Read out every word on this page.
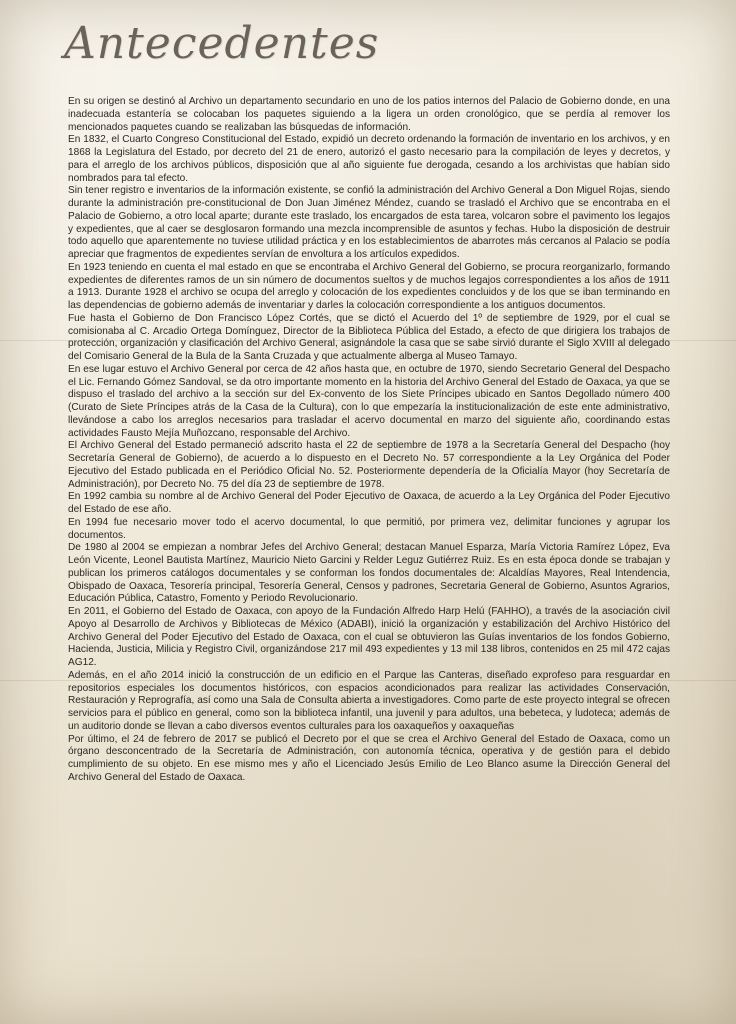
Antecedentes

En su origen se destinó al Archivo un departamento secundario en uno de los patios internos del Palacio de Gobierno donde, en una inadecuada estantería se colocaban los paquetes siguiendo a la ligera un orden cronológico, que se perdía al remover los mencionados paquetes cuando se realizaban las búsquedas de información.

En 1832, el Cuarto Congreso Constitucional del Estado, expidió un decreto ordenando la formación de inventario en los archivos, y en 1868 la Legislatura del Estado, por decreto del 21 de enero, autorizó el gasto necesario para la compilación de leyes y decretos, y para el arreglo de los archivos públicos, disposición que al año siguiente fue derogada, cesando a los archivistas que habían sido nombrados para tal efecto.

Sin tener registro e inventarios de la información existente, se confió la administración del Archivo General a Don Miguel Rojas, siendo durante la administración pre-constitucional de Don Juan Jiménez Méndez, cuando se trasladó el Archivo que se encontraba en el Palacio de Gobierno, a otro local aparte; durante este traslado, los encargados de esta tarea, volcaron sobre el pavimento los legajos y expedientes, que al caer se desglosaron formando una mezcla incomprensible de asuntos y fechas. Hubo la disposición de destruir todo aquello que aparentemente no tuviese utilidad práctica y en los establecimientos de abarrotes más cercanos al Palacio se podía apreciar que fragmentos de expedientes servían de envoltura a los artículos expedidos.

En 1923 teniendo en cuenta el mal estado en que se encontraba el Archivo General del Gobierno, se procura reorganizarlo, formando expedientes de diferentes ramos de un sin número de documentos sueltos y de muchos legajos correspondientes a los años de 1911 a 1913. Durante 1928 el archivo se ocupa del arreglo y colocación de los expedientes concluidos y de los que se iban terminando en las dependencias de gobierno además de inventariar y darles la colocación correspondiente a los antiguos documentos.

Fue hasta el Gobierno de Don Francisco López Cortés, que se dictó el Acuerdo del 1º de septiembre de 1929, por el cual se comisionaba al C. Arcadio Ortega Domínguez, Director de la Biblioteca Pública del Estado, a efecto de que dirigiera los trabajos de protección, organización y clasificación del Archivo General, asignándole la casa que se sabe sirvió durante el Siglo XVIII al delegado del Comisario General de la Bula de la Santa Cruzada y que actualmente alberga al Museo Tamayo.

En ese lugar estuvo el Archivo General por cerca de 42 años hasta que, en octubre de 1970, siendo Secretario General del Despacho el Lic. Fernando Gómez Sandoval, se da otro importante momento en la historia del Archivo General del Estado de Oaxaca, ya que se dispuso el traslado del archivo a la sección sur del Ex-convento de los Siete Príncipes ubicado en Santos Degollado número 400 (Curato de Siete Príncipes atrás de la Casa de la Cultura), con lo que empezaría la institucionalización de este ente administrativo, llevándose a cabo los arreglos necesarios para trasladar el acervo documental en marzo del siguiente año, coordinando estas actividades Fausto Mejía Muñozcano, responsable del Archivo.

El Archivo General del Estado permaneció adscrito hasta el 22 de septiembre de 1978 a la Secretaría General del Despacho (hoy Secretaría General de Gobierno), de acuerdo a lo dispuesto en el Decreto No. 57 correspondiente a la Ley Orgánica del Poder Ejecutivo del Estado publicada en el Periódico Oficial No. 52. Posteriormente dependería de la Oficialía Mayor (hoy Secretaría de Administración), por Decreto No. 75 del día 23 de septiembre de 1978.

En 1992 cambia su nombre al de Archivo General del Poder Ejecutivo de Oaxaca, de acuerdo a la Ley Orgánica del Poder Ejecutivo del Estado de ese año.

En 1994 fue necesario mover todo el acervo documental, lo que permitió, por primera vez, delimitar funciones y agrupar los documentos.

De 1980 al 2004 se empiezan a nombrar Jefes del Archivo General; destacan Manuel Esparza, María Victoria Ramírez López, Eva León Vicente, Leonel Bautista Martínez, Mauricio Nieto Garcini y Relder Leguz Gutiérrez Ruiz. Es en esta época donde se trabajan y publican los primeros catálogos documentales y se conforman los fondos documentales de: Alcaldías Mayores, Real Intendencia, Obispado de Oaxaca, Tesorería principal, Tesorería General, Censos y padrones, Secretaria General de Gobierno, Asuntos Agrarios, Educación Pública, Catastro, Fomento y Periodo Revolucionario.

En 2011, el Gobierno del Estado de Oaxaca, con apoyo de la Fundación Alfredo Harp Helú (FAHHO), a través de la asociación civil Apoyo al Desarrollo de Archivos y Bibliotecas de México (ADABI), inició la organización y estabilización del Archivo Histórico del Archivo General del Poder Ejecutivo del Estado de Oaxaca, con el cual se obtuvieron las Guías inventarios de los fondos Gobierno, Hacienda, Justicia, Milicia y Registro Civil, organizándose 217 mil 493 expedientes y 13 mil 138 libros, contenidos en 25 mil 472 cajas AG12.

Además, en el año 2014 inició la construcción de un edificio en el Parque las Canteras, diseñado exprofeso para resguardar en repositorios especiales los documentos históricos, con espacios acondicionados para realizar las actividades Conservación, Restauración y Reprografía, así como una Sala de Consulta abierta a investigadores. Como parte de este proyecto integral se ofrecen servicios para el público en general, como son la biblioteca infantil, una juvenil y para adultos, una bebeteca, y ludoteca; además de un auditorio donde se llevan a cabo diversos eventos culturales para los oaxaqueños y oaxaqueñas

Por último, el 24 de febrero de 2017 se publicó el Decreto por el que se crea el Archivo General del Estado de Oaxaca, como un órgano desconcentrado de la Secretaría de Administración, con autonomía técnica, operativa y de gestión para el debido cumplimiento de su objeto. En ese mismo mes y año el Licenciado Jesús Emilio de Leo Blanco asume la Dirección General del Archivo General del Estado de Oaxaca.
